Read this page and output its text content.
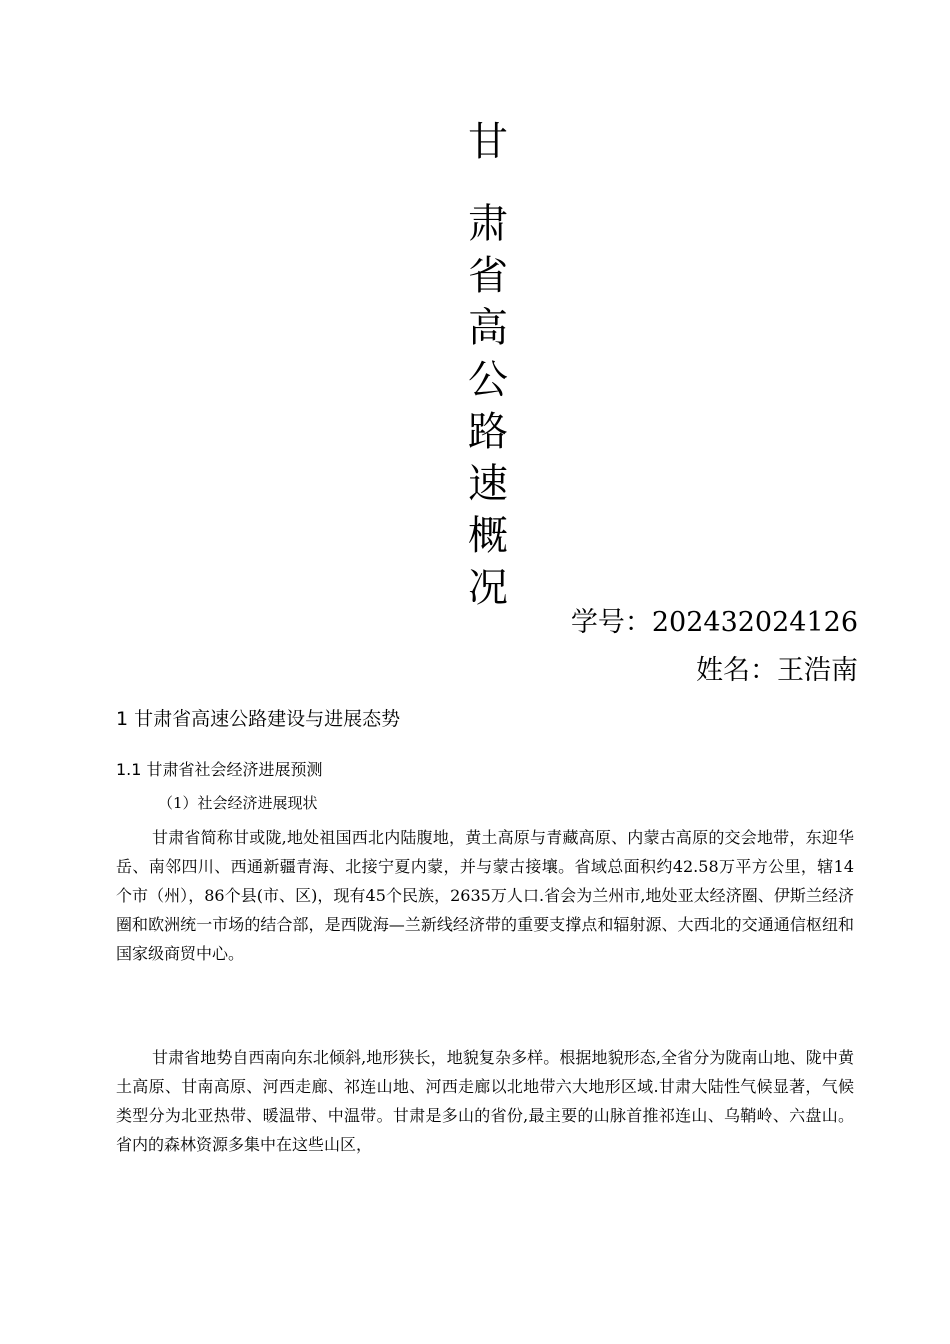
甘
肃
省
高
公
路
速
概
况
学号：202432024126
姓名：王浩南
1 甘肃省高速公路建设与进展态势
1.1 甘肃省社会经济进展预测
（1）社会经济进展现状

甘肃省简称甘或陇,地处祖国西北内陆腹地，黄土高原与青藏高原、内蒙古高原的交会地带，东迎华岳、南邻四川、西通新疆青海、北接宁夏内蒙，并与蒙古接壤。省域总面积约42.58万平方公里，辖14个市（州），86个县(市、区)，现有45个民族，2635万人口.省会为兰州市,地处亚太经济圈、伊斯兰经济圈和欧洲统一市场的结合部，是西陇海—兰新线经济带的重要支撑点和辐射源、大西北的交通通信枢纽和国家级商贸中心。

甘肃省地势自西南向东北倾斜,地形狭长，地貌复杂多样。根据地貌形态,全省分为陇南山地、陇中黄土高原、甘南高原、河西走廊、祁连山地、河西走廊以北地带六大地形区域.甘肃大陆性气候显著，气候类型分为北亚热带、暖温带、中温带。甘肃是多山的省份,最主要的山脉首推祁连山、乌鞘岭、六盘山。省内的森林资源多集中在这些山区，
